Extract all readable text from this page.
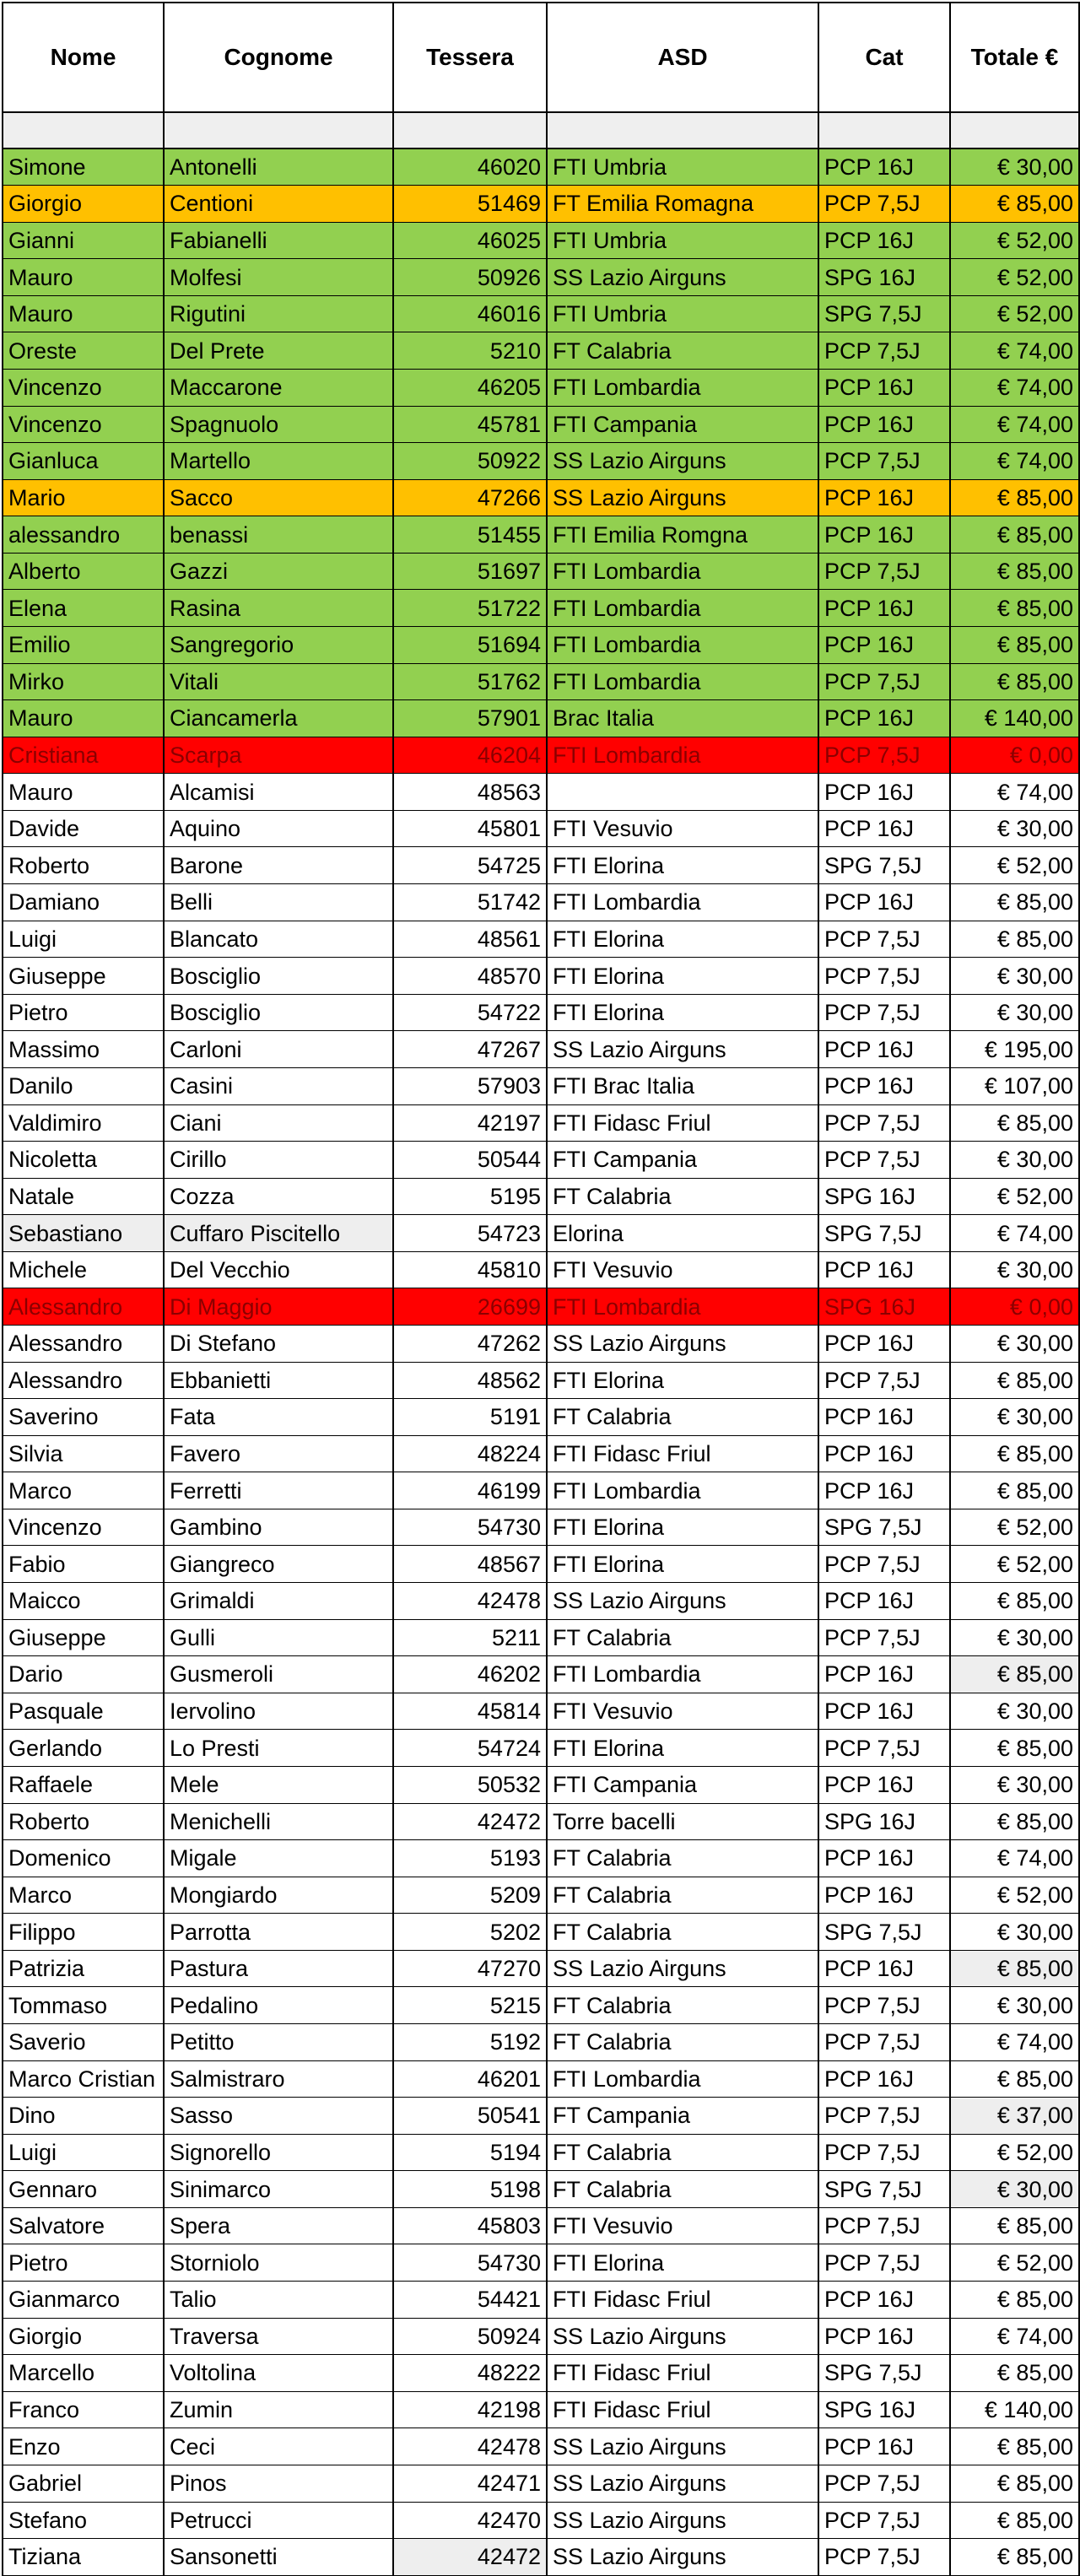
Nome	Cognome	Tessera	ASD	Cat	Totale €

Simone	Antonelli	46020	FTI Umbria	PCP 16J	€ 30,00
Giorgio	Centioni	51469	FT Emilia Romagna	PCP 7,5J	€ 85,00
Gianni	Fabianelli	46025	FTI Umbria	PCP 16J	€ 52,00
Mauro	Molfesi	50926	SS Lazio Airguns	SPG 16J	€ 52,00
Mauro	Rigutini	46016	FTI Umbria	SPG 7,5J	€ 52,00
Oreste	Del Prete	5210	FT Calabria	PCP 7,5J	€ 74,00
Vincenzo	Maccarone	46205	FTI Lombardia	PCP 16J	€ 74,00
Vincenzo	Spagnuolo	45781	FTI Campania	PCP 16J	€ 74,00
Gianluca	Martello	50922	SS Lazio Airguns	PCP 7,5J	€ 74,00
Mario	Sacco	47266	SS Lazio Airguns	PCP 16J	€ 85,00
alessandro	benassi	51455	FTI Emilia Romgna	PCP 16J	€ 85,00
Alberto	Gazzi	51697	FTI Lombardia	PCP 7,5J	€ 85,00
Elena	Rasina	51722	FTI Lombardia	PCP 16J	€ 85,00
Emilio	Sangregorio	51694	FTI Lombardia	PCP 16J	€ 85,00
Mirko	Vitali	51762	FTI Lombardia	PCP 7,5J	€ 85,00
Mauro	Ciancamerla	57901	Brac Italia	PCP 16J	€ 140,00
Cristiana	Scarpa	46204	FTI Lombardia	PCP 7,5J	€ 0,00
Mauro	Alcamisi	48563		PCP 16J	€ 74,00
Davide	Aquino	45801	FTI Vesuvio	PCP 16J	€ 30,00
Roberto	Barone	54725	FTI Elorina	SPG 7,5J	€ 52,00
Damiano	Belli	51742	FTI Lombardia	PCP 16J	€ 85,00
Luigi	Blancato	48561	FTI Elorina	PCP 7,5J	€ 85,00
Giuseppe	Bosciglio	48570	FTI Elorina	PCP 7,5J	€ 30,00
Pietro	Bosciglio	54722	FTI Elorina	PCP 7,5J	€ 30,00
Massimo	Carloni	47267	SS Lazio Airguns	PCP 16J	€ 195,00
Danilo	Casini	57903	FTI Brac Italia	PCP 16J	€ 107,00
Valdimiro	Ciani	42197	FTI Fidasc Friul	PCP 7,5J	€ 85,00
Nicoletta	Cirillo	50544	FTI Campania	PCP 7,5J	€ 30,00
Natale	Cozza	5195	FT Calabria	SPG 16J	€ 52,00
Sebastiano	Cuffaro Piscitello	54723	Elorina	SPG 7,5J	€ 74,00
Michele	Del Vecchio	45810	FTI Vesuvio	PCP 16J	€ 30,00
Alessandro	Di Maggio	26699	FTI Lombardia	SPG 16J	€ 0,00
Alessandro	Di Stefano	47262	SS Lazio Airguns	PCP 16J	€ 30,00
Alessandro	Ebbanietti	48562	FTI Elorina	PCP 7,5J	€ 85,00
Saverino	Fata	5191	FT Calabria	PCP 16J	€ 30,00
Silvia	Favero	48224	FTI Fidasc Friul	PCP 16J	€ 85,00
Marco	Ferretti	46199	FTI Lombardia	PCP 16J	€ 85,00
Vincenzo	Gambino	54730	FTI Elorina	SPG 7,5J	€ 52,00
Fabio	Giangreco	48567	FTI Elorina	PCP 7,5J	€ 52,00
Maicco	Grimaldi	42478	SS Lazio Airguns	PCP 16J	€ 85,00
Giuseppe	Gulli	5211	FT Calabria	PCP 7,5J	€ 30,00
Dario	Gusmeroli	46202	FTI Lombardia	PCP 16J	€ 85,00
Pasquale	Iervolino	45814	FTI Vesuvio	PCP 16J	€ 30,00
Gerlando	Lo Presti	54724	FTI Elorina	PCP 7,5J	€ 85,00
Raffaele	Mele	50532	FTI Campania	PCP 16J	€ 30,00
Roberto	Menichelli	42472	Torre bacelli	SPG 16J	€ 85,00
Domenico	Migale	5193	FT Calabria	PCP 16J	€ 74,00
Marco	Mongiardo	5209	FT Calabria	PCP 16J	€ 52,00
Filippo	Parrotta	5202	FT Calabria	SPG 7,5J	€ 30,00
Patrizia	Pastura	47270	SS Lazio Airguns	PCP 16J	€ 85,00
Tommaso	Pedalino	5215	FT Calabria	PCP 7,5J	€ 30,00
Saverio	Petitto	5192	FT Calabria	PCP 7,5J	€ 74,00
Marco Cristian	Salmistraro	46201	FTI Lombardia	PCP 16J	€ 85,00
Dino	Sasso	50541	FT Campania	PCP 7,5J	€ 37,00
Luigi	Signorello	5194	FT Calabria	PCP 7,5J	€ 52,00
Gennaro	Sinimarco	5198	FT Calabria	SPG 7,5J	€ 30,00
Salvatore	Spera	45803	FTI Vesuvio	PCP 7,5J	€ 85,00
Pietro	Storniolo	54730	FTI Elorina	PCP 7,5J	€ 52,00
Gianmarco	Talio	54421	FTI Fidasc Friul	PCP 16J	€ 85,00
Giorgio	Traversa	50924	SS Lazio Airguns	PCP 16J	€ 74,00
Marcello	Voltolina	48222	FTI Fidasc Friul	SPG 7,5J	€ 85,00
Franco	Zumin	42198	FTI Fidasc Friul	SPG 16J	€ 140,00
Enzo	Ceci	42478	SS Lazio Airguns	PCP 16J	€ 85,00
Gabriel	Pinos	42471	SS Lazio Airguns	PCP 7,5J	€ 85,00
Stefano	Petrucci	42470	SS Lazio Airguns	PCP 7,5J	€ 85,00
Tiziana	Sansonetti	42472	SS Lazio Airguns	PCP 7,5J	€ 85,00
